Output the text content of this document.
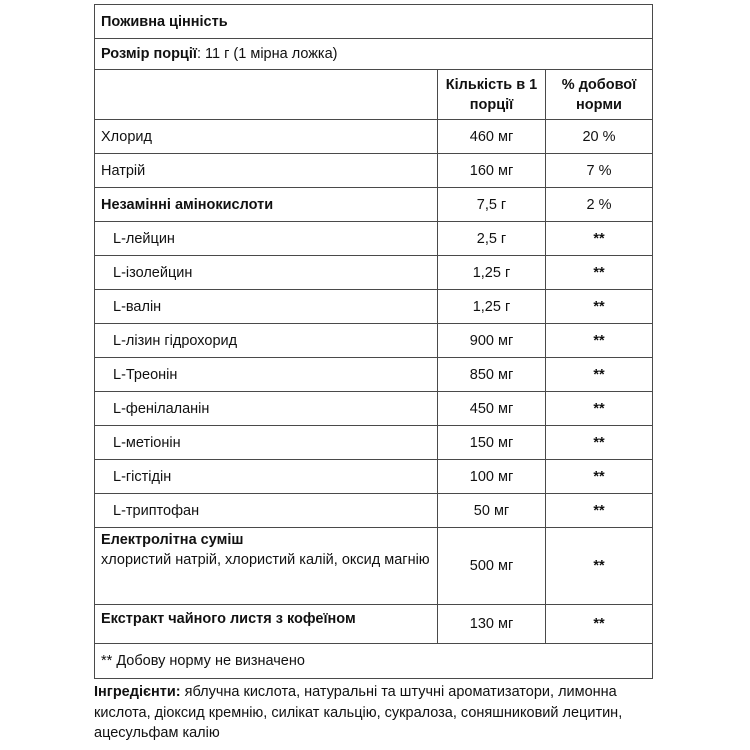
Поживна цінність		
Розмір порції: 11 г (1 мірна ложка)		
	Кількість в 1 порції	% добової норми
Хлорид	460 мг	20 %
Натрій	160 мг	7 %
Незамінні амінокислоти	7,5 г	2 %
L-лейцин	2,5 г	**
L-ізолейцин	1,25 г	**
L-валін	1,25 г	**
L-лізин гідрохорид	900 мг	**
L-Треонін	850 мг	**
L-фенілаланін	450 мг	**
L-метіонін	150 мг	**
L-гістідін	100 мг	**
L-триптофан	50 мг	**

Електролітна суміш
хлористий натрій, хлористий калій, оксид магнію	500 мг	**
Екстракт чайного листя з кофеїном	130 мг	**
** Добову норму не визначено		
Інгредієнти: яблучна кислота, натуральні та штучні ароматизатори, лимонна кислота, діоксид кремнію, силікат кальцію, сукралоза, соняшниковий лецитин, ацесульфам калію
